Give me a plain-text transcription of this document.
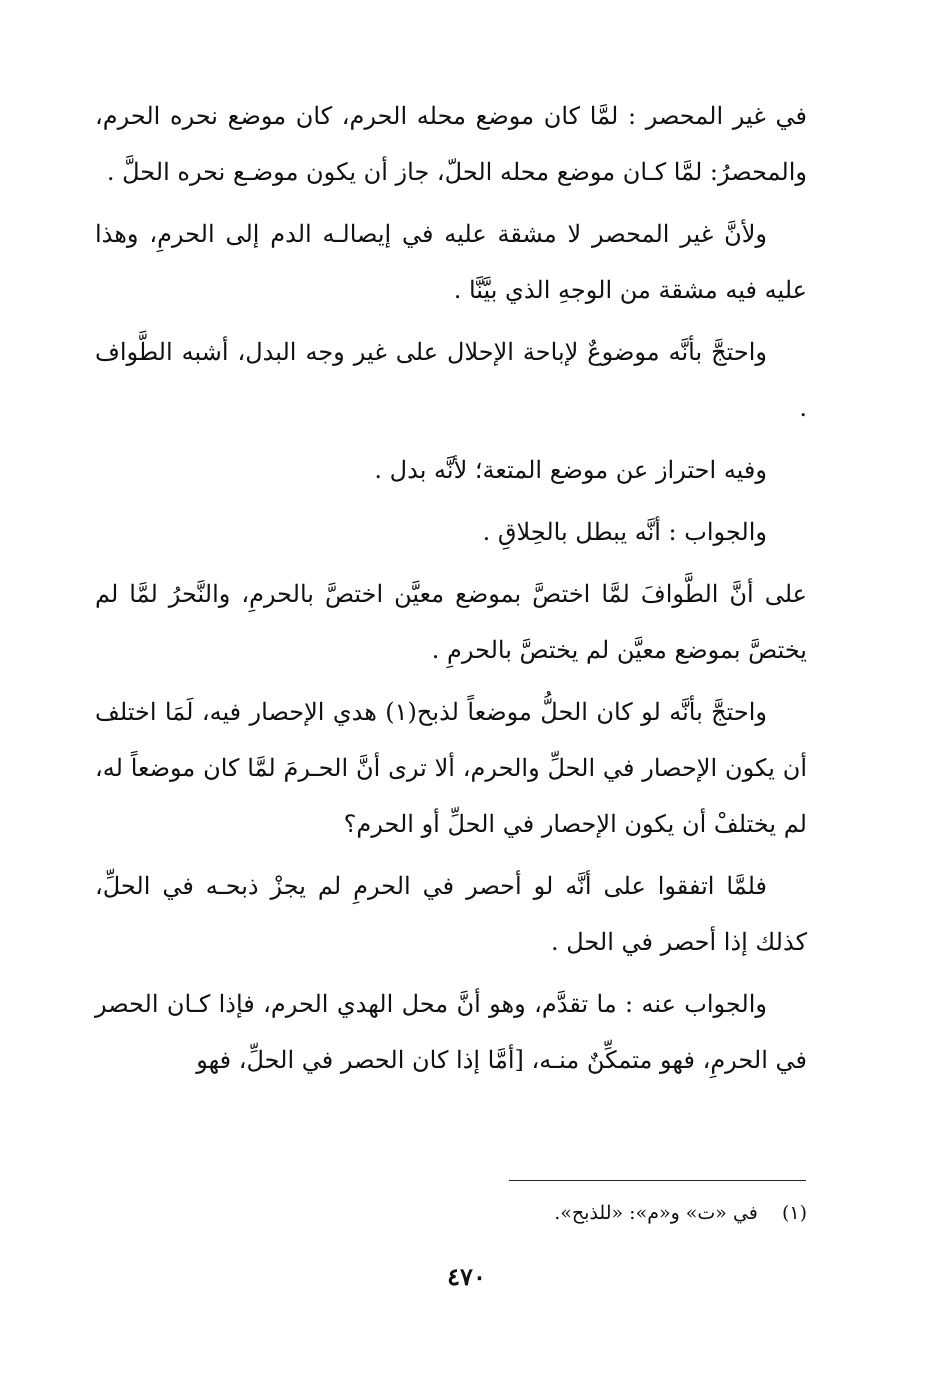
في غير المحصر : لمَّا كان موضع محله الحرم، كان موضع نحره الحرم، والمحصرُ: لمَّا كـان موضع محله الحلّ، جاز أن يكون موضـع نحره الحلَّ .

ولأنَّ غير المحصر لا مشقة عليه في إيصالـه الدم إلى الحرمِ، وهذا عليه فيه مشقة من الوجهِ الذي بيَّنَّا .

واحتجَّ بأنَّه موضوعٌ لإباحة الإحلال على غير وجه البدل، أشبه الطَّواف .

وفيه احتراز عن موضع المتعة؛ لأنَّه بدل .

والجواب : أنَّه يبطل بالحِلاقِ .

على أنَّ الطَّوافَ لمَّا اختصَّ بموضع معيَّن اختصَّ بالحرمِ، والنَّحرُ لمَّا لم يختصَّ بموضع معيَّن لم يختصَّ بالحرمِ .

واحتجَّ بأنَّه لو كان الحلُّ موضعاً لذبح(١) هدي الإحصار فيه، لَمَا اختلف أن يكون الإحصار في الحلِّ والحرم، ألا ترى أنَّ الحـرمَ لمَّا كان موضعاً له، لم يختلفْ أن يكون الإحصار في الحلِّ أو الحرم؟

فلمَّا اتفقوا على أنَّه لو أحصر في الحرمِ لم يجزْ ذبحـه في الحلِّ، كذلك إذا أحصر في الحل .

والجواب عنه : ما تقدَّم، وهو أنَّ محل الهدي الحرم، فإذا كـان الحصر في الحرمِ، فهو متمكِّنٌ منـه، [أمَّا إذا كان الحصر في الحلِّ، فهو

(١) في «ت» و«م»: «للذبح».
٤٧٠
